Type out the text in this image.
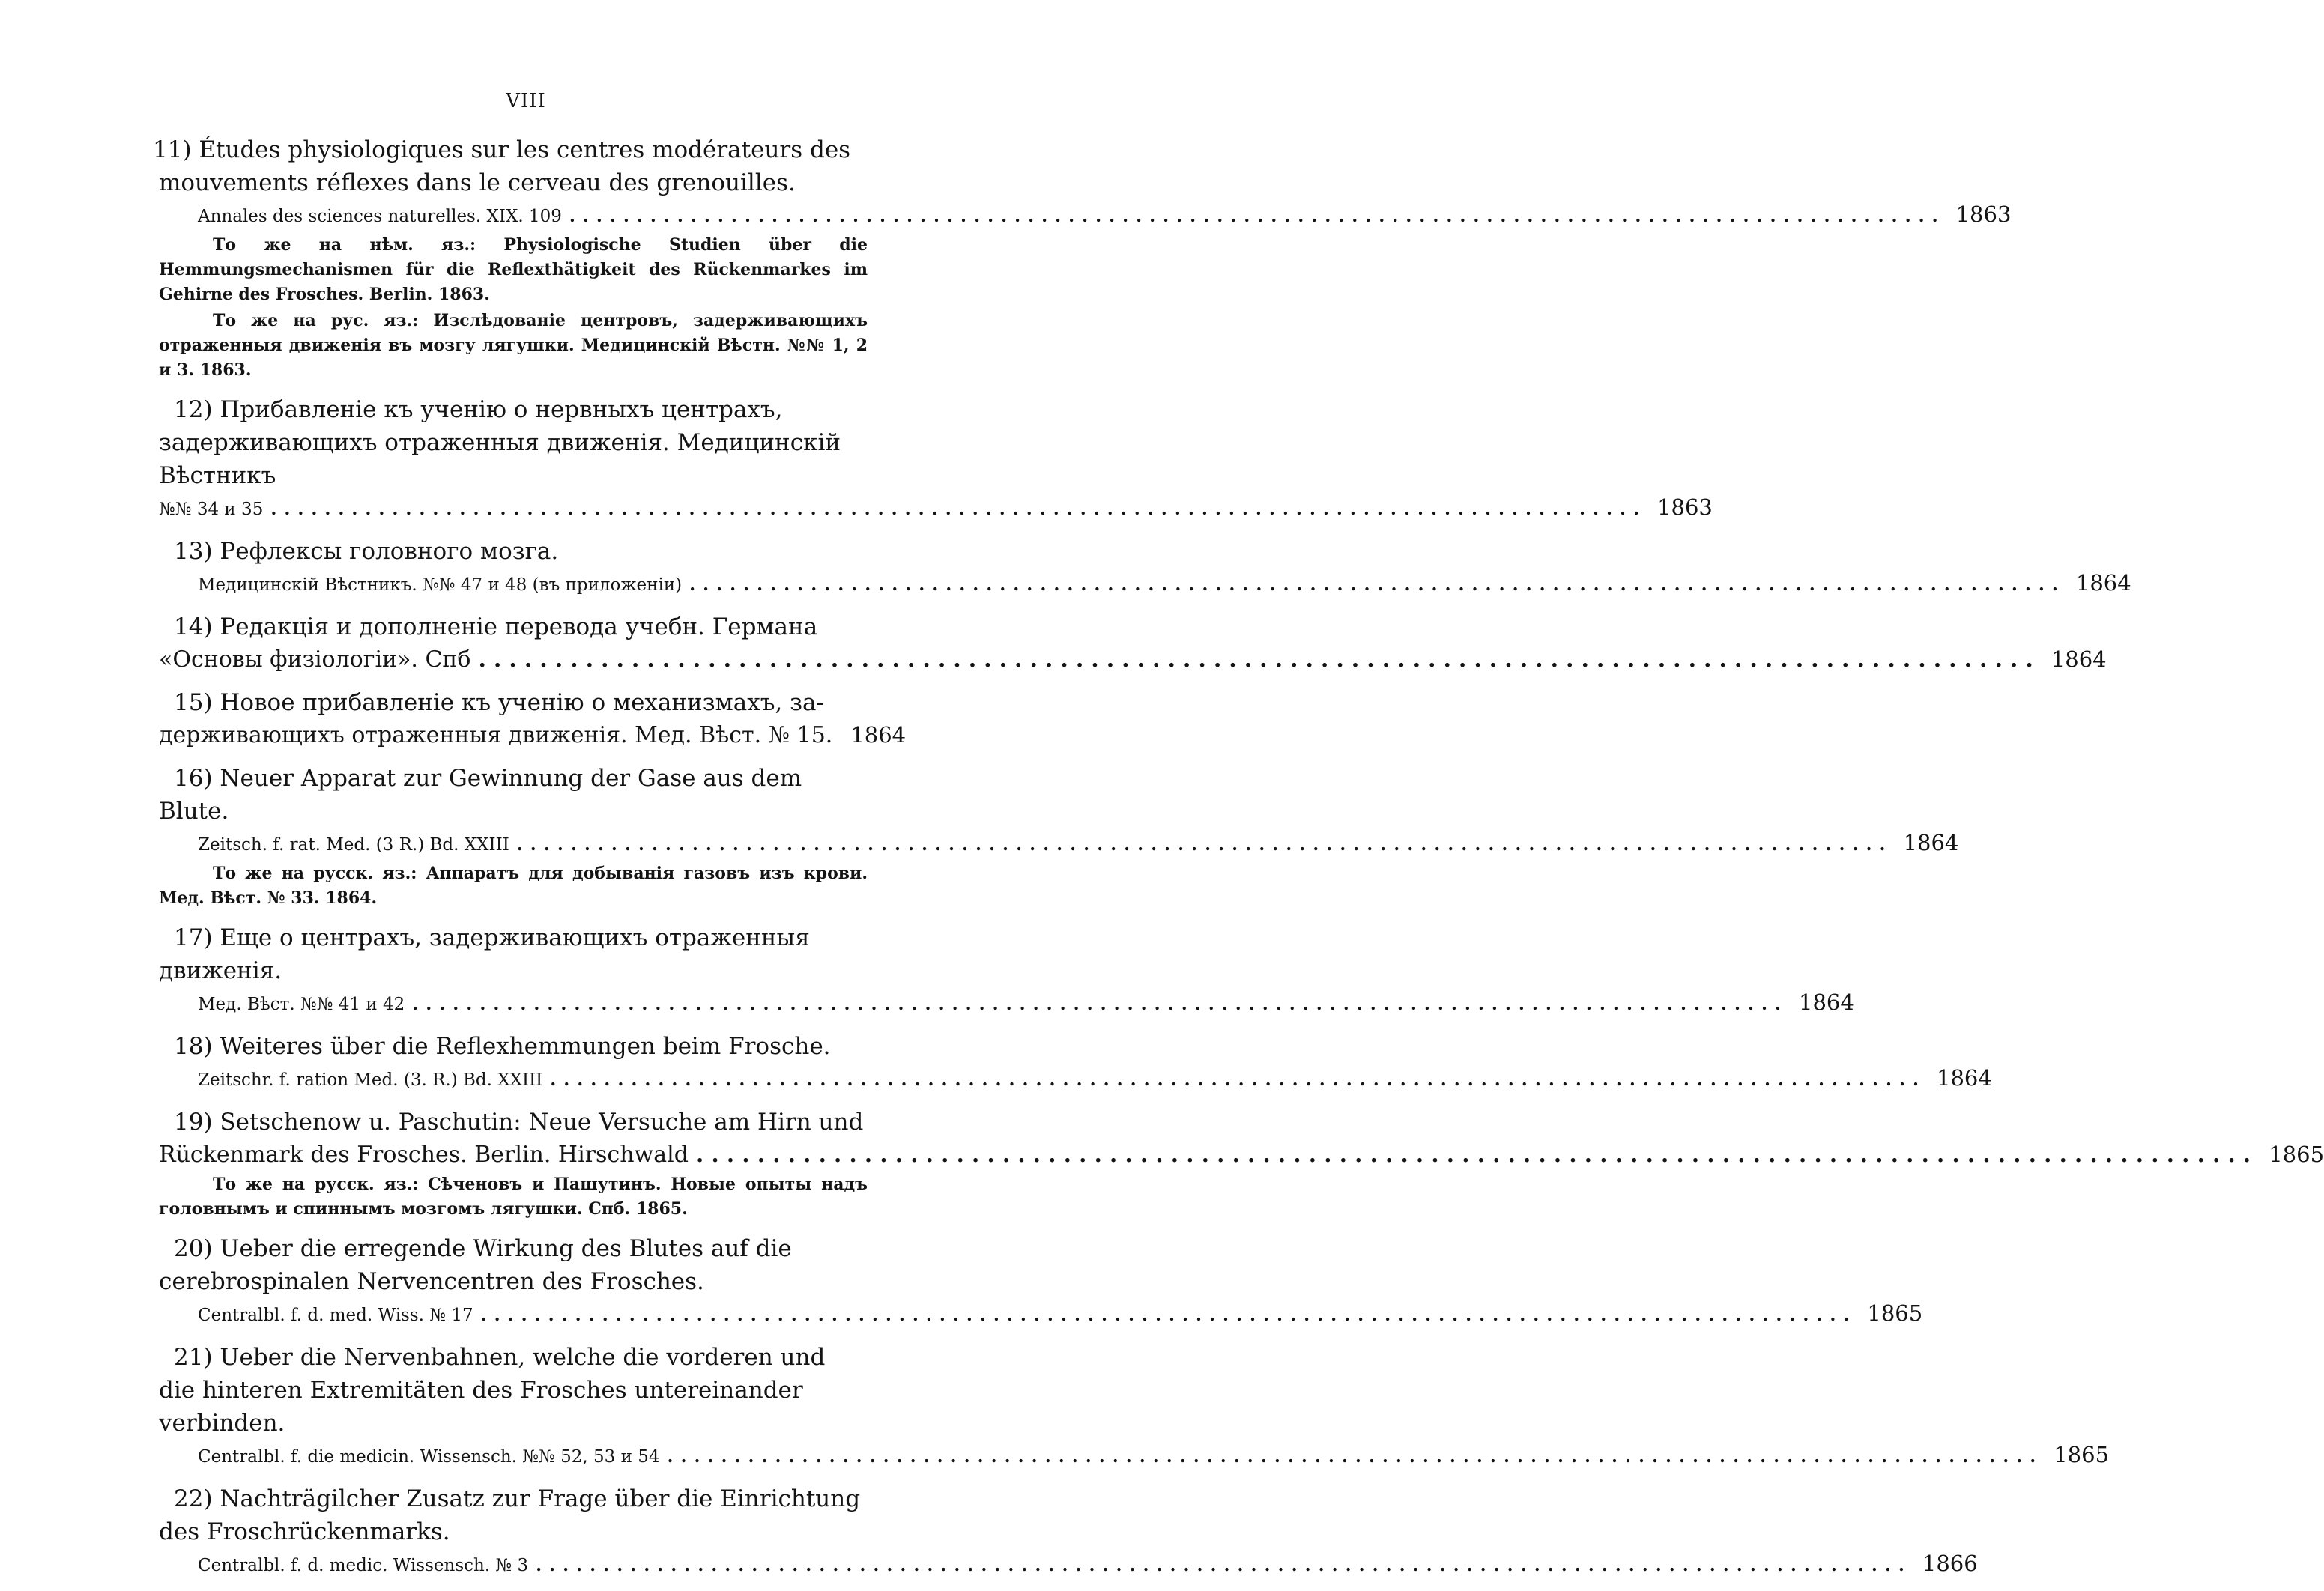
VIII
11) Études physiologiques sur les centres modérateurs des mouvements réflexes dans le cerveau des grenouilles.
Annales des sciences naturelles. XIX. 109 ...................................................................................................... 1863
То же на нѣм. яз.: Physiologische Studien über die Hemmungsmechanismen für die Reflexthätigkeit des Rückenmarkes im Gehirne des Frosches. Berlin. 1863.
То же на рус. яз.: Изслѣдованіе центровъ, задерживающихъ отраженныя движенія въ мозгу лягушки. Медицинскій Вѣстн. №№ 1, 2 и 3. 1863.
12) Прибавленіе къ ученію о нервныхъ центрахъ, задерживающихъ отраженныя движенія. Медицинскій Вѣстникъ
№№ 34 и 35 ...................................................................................................... 1863
13) Рефлексы головного мозга.
Медицинскій Вѣстникъ. №№ 47 и 48 (въ приложеніи) ...................................................................................................... 1864
14) Редакція и дополненіе перевода учебн. Германа
«Основы физіологіи». Спб ...................................................................................................... 1864
15) Новое прибавленіе къ ученію о механизмахъ, за-
держивающихъ отраженныя движенія. Мед. Вѣст. № 15. 1864
16) Neuer Apparat zur Gewinnung der Gase aus dem Blute.
Zeitsch. f. rat. Med. (3 R.) Bd. XXIII ...................................................................................................... 1864
То же на русск. яз.: Аппаратъ для добыванія газовъ изъ крови. Мед. Вѣст. № 33. 1864.
17) Еще о центрахъ, задерживающихъ отраженныя движенія.
Мед. Вѣст. №№ 41 и 42 ...................................................................................................... 1864
18) Weiteres über die Reflexhemmungen beim Frosche.
Zeitschr. f. ration Med. (3. R.) Bd. XXIII ...................................................................................................... 1864
19) Setschenow u. Paschutin: Neue Versuche am Hirn und
Rückenmark des Frosches. Berlin. Hirschwald ...................................................................................................... 1865
То же на русск. яз.: Сѣченовъ и Пашутинъ. Новые опыты надъ головнымъ и спиннымъ мозгомъ лягушки. Спб. 1865.
20) Ueber die erregende Wirkung des Blutes auf die cerebrospinalen Nervencentren des Frosches.
Centralbl. f. d. med. Wiss. № 17 ...................................................................................................... 1865
21) Ueber die Nervenbahnen, welche die vorderen und die hinteren Extremitäten des Frosches untereinander verbinden.
Centralbl. f. die medicin. Wissensch. №№ 52, 53 и 54 ...................................................................................................... 1865
22) Nachträgilcher Zusatz zur Frage über die Einrichtung des Froschrückenmarks.
Centralbl. f. d. medic. Wissensch. № 3 ...................................................................................................... 1866
